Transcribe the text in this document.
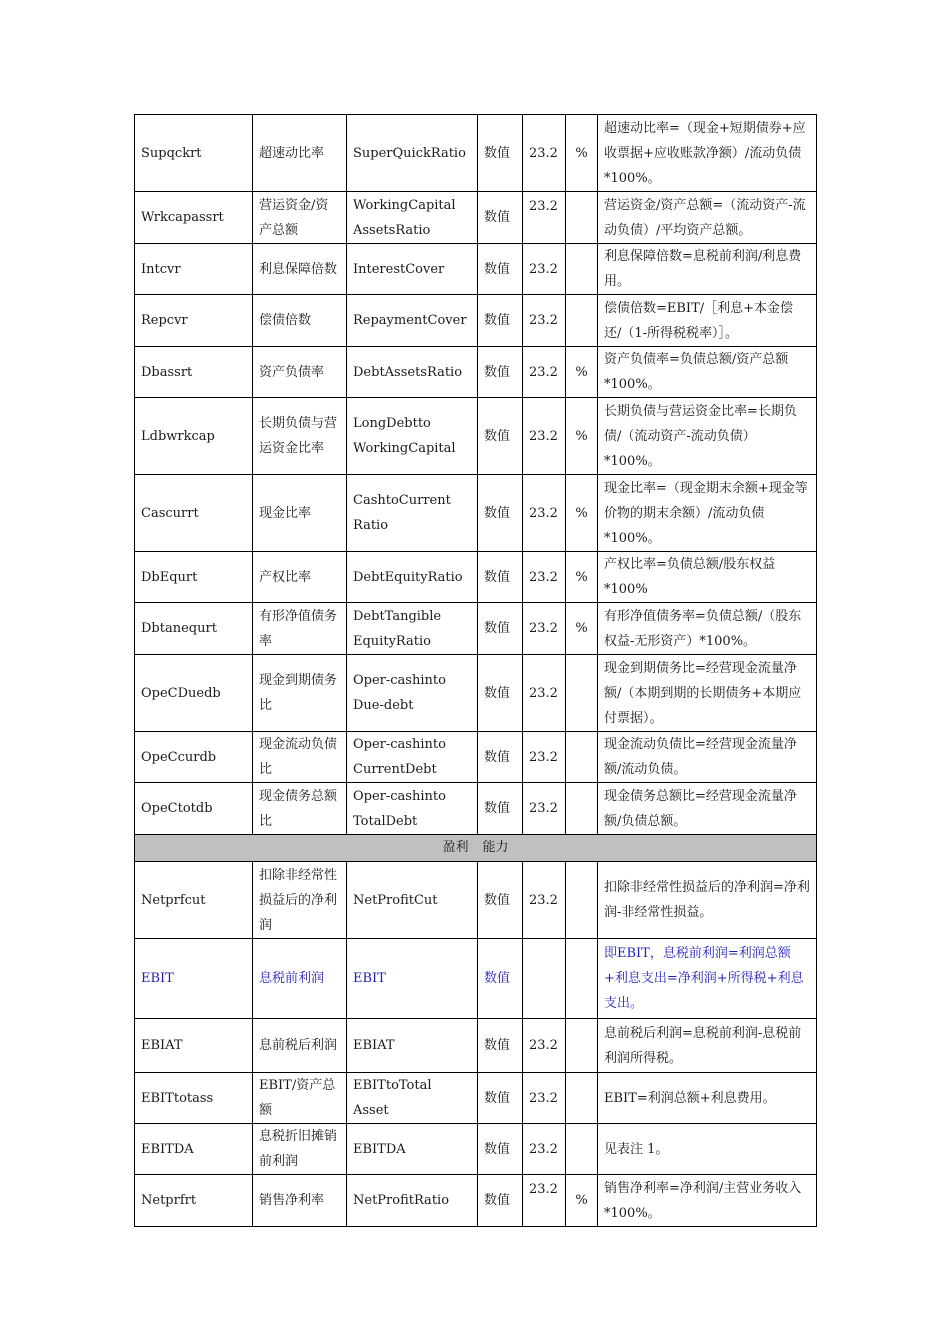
Supqckrt	超速动比率	SuperQuickRatio	数值	23.2	%	超速动比率=（现金+短期债券+应收票据+应收账款净额）/流动负债*100%。
Wrkcapassrt	营运资金/资产总额	WorkingCapital AssetsRatio	数值	23.2		营运资金/资产总额=（流动资产-流动负债）/平均资产总额。
Intcvr	利息保障倍数	InterestCover	数值	23.2		利息保障倍数=息税前利润/利息费用。
Repcvr	偿债倍数	RepaymentCover	数值	23.2		偿债倍数=EBIT/［利息+本金偿还/（1-所得税税率）］。
Dbassrt	资产负债率	DebtAssetsRatio	数值	23.2	%	资产负债率=负债总额/资产总额*100%。
Ldbwrkcap	长期负债与营运资金比率	LongDebtto WorkingCapital	数值	23.2	%	长期负债与营运资金比率=长期负债/（流动资产-流动负债）*100%。
Cascurrt	现金比率	CashtoCurrent Ratio	数值	23.2	%	现金比率=（现金期末余额+现金等价物的期末余额）/流动负债*100%。
DbEqurt	产权比率	DebtEquityRatio	数值	23.2	%	产权比率=负债总额/股东权益*100%
Dbtanequrt	有形净值债务率	DebtTangible EquityRatio	数值	23.2	%	有形净值债务率=负债总额/（股东权益-无形资产）*100%。
OpeCDuedb	现金到期债务比	Oper-cashinto Due-debt	数值	23.2		现金到期债务比=经营现金流量净额/（本期到期的长期债务+本期应付票据）。
OpeCcurdb	现金流动负债比	Oper-cashinto CurrentDebt	数值	23.2		现金流动负债比=经营现金流量净额/流动负债。
OpeCtotdb	现金债务总额比	Oper-cashinto TotalDebt	数值	23.2		现金债务总额比=经营现金流量净额/负债总额。
盈利 能力						
Netprfcut	扣除非经常性损益后的净利润	NetProfitCut	数值	23.2		扣除非经常性损益后的净利润=净利润-非经常性损益。
EBIT	息税前利润	EBIT	数值			即EBIT，息税前利润=利润总额+利息支出=净利润+所得税+利息支出。
EBIAT	息前税后利润	EBIAT	数值	23.2		息前税后利润=息税前利润-息税前利润所得税。
EBITtotass	EBIT/资产总额	EBITtoTotal Asset	数值	23.2		EBIT=利润总额+利息费用。
EBITDA	息税折旧摊销前利润	EBITDA	数值	23.2		见表注 1。
Netprfrt	销售净利率	NetProfitRatio	数值	23.2	%	销售净利率=净利润/主营业务收入*100%。
